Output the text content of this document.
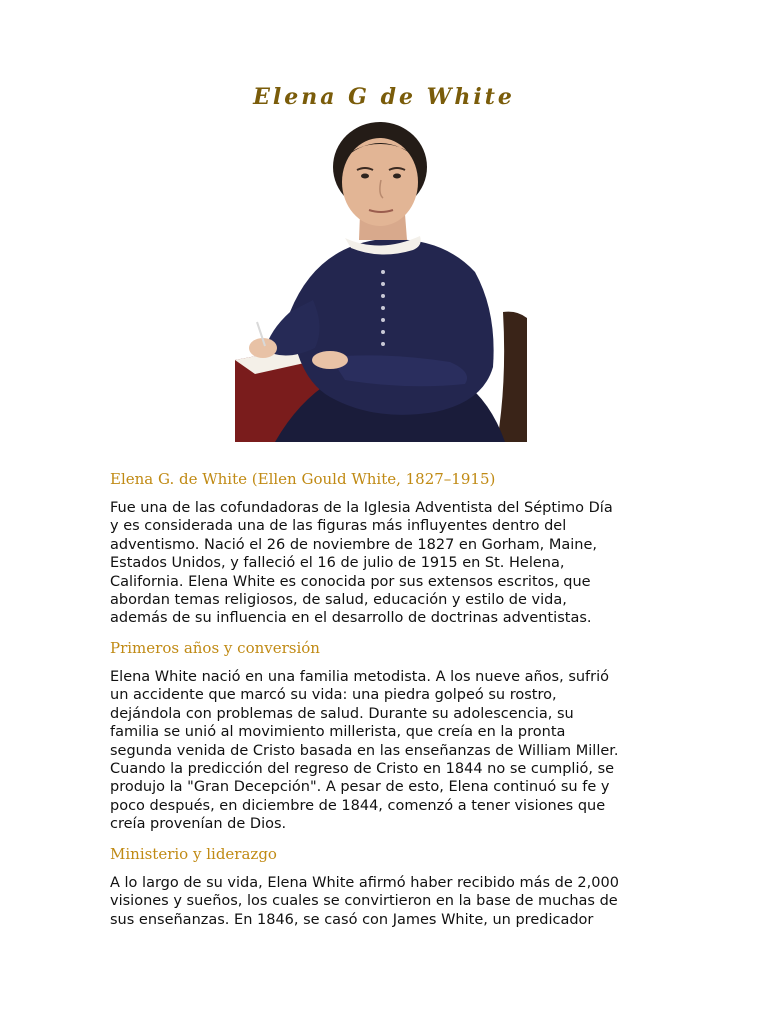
Elena G de White
Elena G. de White (Ellen Gould White, 1827–1915)
Fue una de las cofundadoras de la Iglesia Adventista del Séptimo Día
y es considerada una de las figuras más influyentes dentro del
adventismo. Nació el 26 de noviembre de 1827 en Gorham, Maine,
Estados Unidos, y falleció el 16 de julio de 1915 en St. Helena,
California. Elena White es conocida por sus extensos escritos, que
abordan temas religiosos, de salud, educación y estilo de vida,
además de su influencia en el desarrollo de doctrinas adventistas.
Primeros años y conversión
Elena White nació en una familia metodista. A los nueve años, sufrió
un accidente que marcó su vida: una piedra golpeó su rostro,
dejándola con problemas de salud. Durante su adolescencia, su
familia se unió al movimiento millerista, que creía en la pronta
segunda venida de Cristo basada en las enseñanzas de William Miller.
Cuando la predicción del regreso de Cristo en 1844 no se cumplió, se
produjo la "Gran Decepción". A pesar de esto, Elena continuó su fe y
poco después, en diciembre de 1844, comenzó a tener visiones que
creía provenían de Dios.
Ministerio y liderazgo
A lo largo de su vida, Elena White afirmó haber recibido más de 2,000
visiones y sueños, los cuales se convirtieron en la base de muchas de
sus enseñanzas. En 1846, se casó con James White, un predicador
